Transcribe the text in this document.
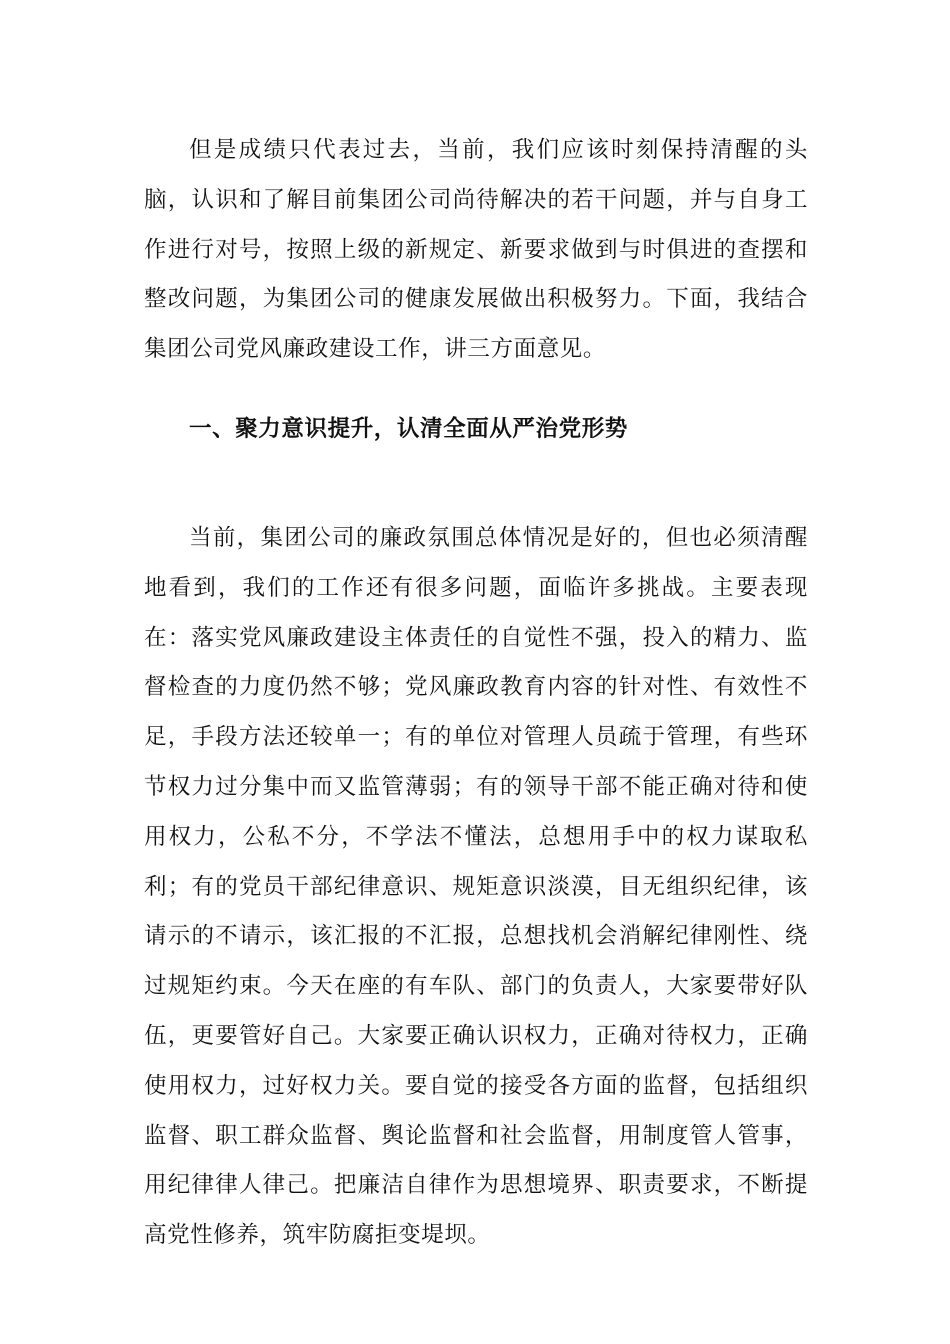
但是成绩只代表过去，当前，我们应该时刻保持清醒的头脑，认识和了解目前集团公司尚待解决的若干问题，并与自身工作进行对号，按照上级的新规定、新要求做到与时俱进的查摆和整改问题，为集团公司的健康发展做出积极努力。下面，我结合集团公司党风廉政建设工作，讲三方面意见。

一、聚力意识提升，认清全面从严治党形势

当前，集团公司的廉政氛围总体情况是好的，但也必须清醒地看到，我们的工作还有很多问题，面临许多挑战。主要表现在：落实党风廉政建设主体责任的自觉性不强，投入的精力、监督检查的力度仍然不够；党风廉政教育内容的针对性、有效性不足，手段方法还较单一；有的单位对管理人员疏于管理，有些环节权力过分集中而又监管薄弱；有的领导干部不能正确对待和使用权力，公私不分，不学法不懂法，总想用手中的权力谋取私利；有的党员干部纪律意识、规矩意识淡漠，目无组织纪律，该请示的不请示，该汇报的不汇报，总想找机会消解纪律刚性、绕过规矩约束。今天在座的有车队、部门的负责人，大家要带好队伍，更要管好自己。大家要正确认识权力，正确对待权力，正确使用权力，过好权力关。要自觉的接受各方面的监督，包括组织监督、职工群众监督、舆论监督和社会监督，用制度管人管事，用纪律律人律己。把廉洁自律作为思想境界、职责要求，不断提高党性修养，筑牢防腐拒变堤坝。
